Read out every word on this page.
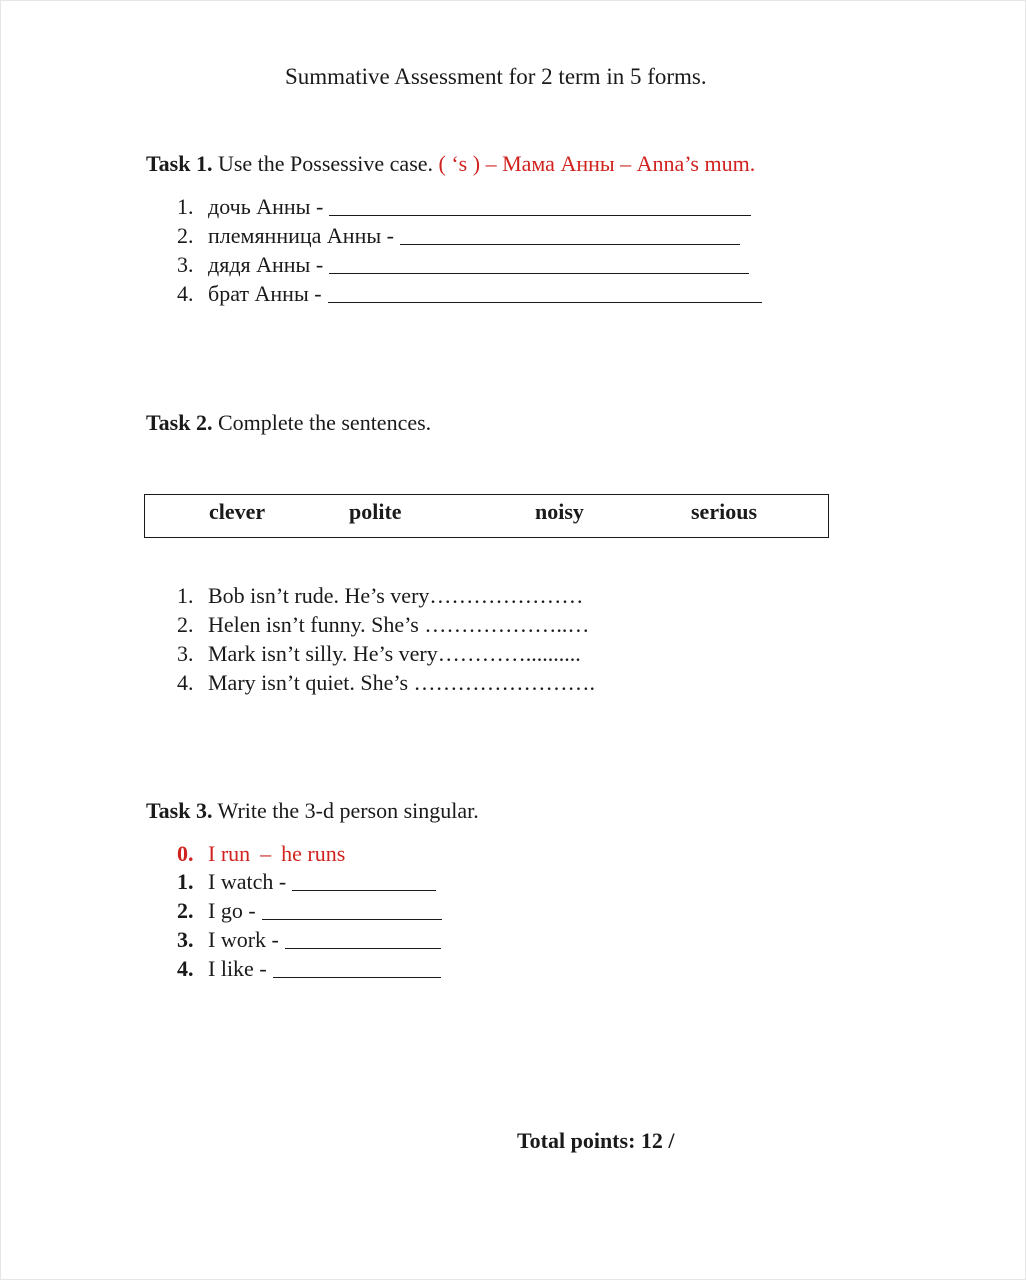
Summative Assessment for 2 term in 5 forms.
Task 1. Use the Possessive case. ( ‘s ) – Мама Анны – Anna’s mum.
1. дочь Анны -
2. племянница Анны -
3. дядя Анны -
4. брат Анны -
Task 2. Complete the sentences.
clever	polite	noisy	serious
1. Bob isn’t rude. He’s very…………………
2. Helen isn’t funny. She’s ………………..…
3. Mark isn’t silly. He’s very…………..........
4. Mary isn’t quiet. She’s …………………….
Task 3. Write the 3-d person singular.
0. I run – he runs
1. I watch -
2. I go -
3. I work -
4. I like -
Total points: 12 /
